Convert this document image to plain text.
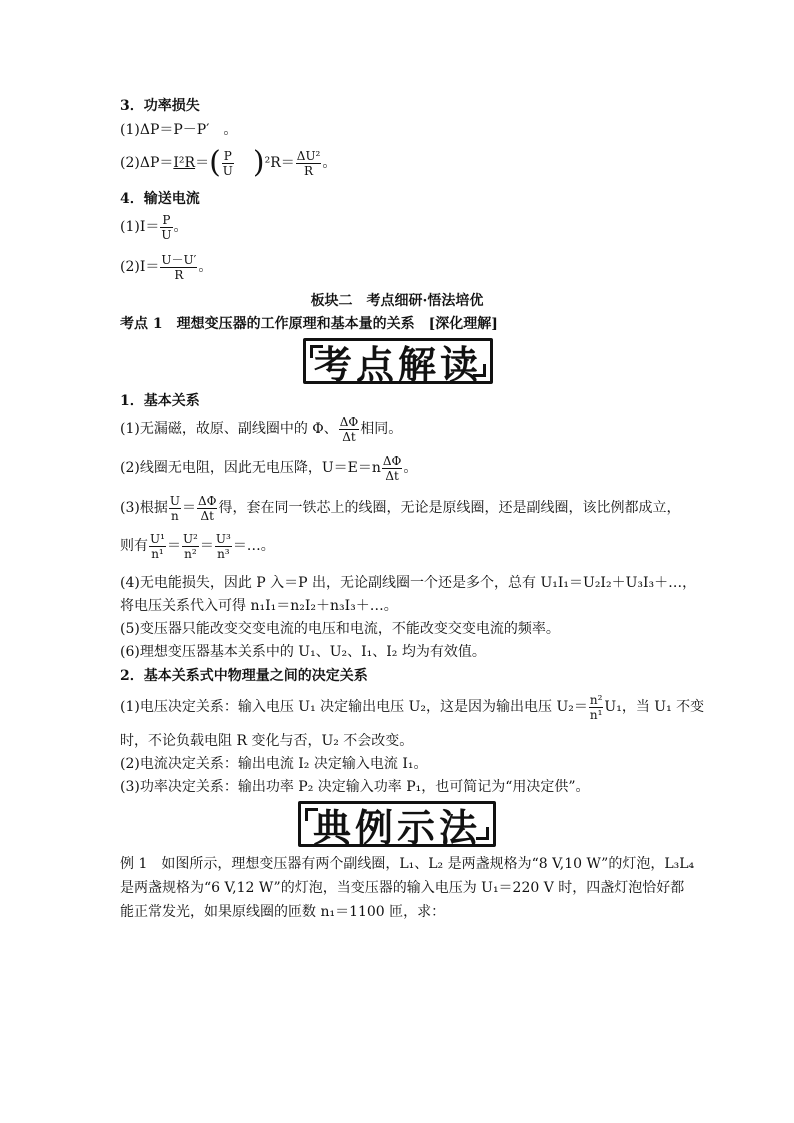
3．功率损失
(1)ΔP＝P－P′　。
$(2)\Delta P=I^2R=( \frac{P}{U} )^2R= \frac{\text{ΔU²}}{R}$ 。
4．输送电流
$(1)I= \frac{P}{U}$ 。
$(2)I= \frac{U-U'}{R}$ 。
板块二　考点细研·悟法培优
考点 1　理想变压器的工作原理和基本量的关系　[深化理解]
考点解读
1．基本关系
(1)无漏磁，故原、副线圈中的 Φ、 $\frac{\Delta\Phi}{\Delta t}$ 相同。
(2)线圈无电阻，因此无电压降，$U=E=n \frac{\Delta\Phi}{\Delta t}$ 。
(3)根据 $\frac{U}{n} = \frac{\Delta\Phi}{\Delta t}$ 得，套在同一铁芯上的线圈，无论是原线圈，还是副线圈，该比例都成立，
则有 $\frac{\text{U¹}}{\text{n¹}} = \frac{\text{U²}}{\text{n²}} = \frac{\text{U³}}{\text{n³}}$ ＝…。
(4)无电能损失，因此 P 入＝P 出，无论副线圈一个还是多个，总有 U₁I₁＝U₂I₂＋U₃I₃＋…，
将电压关系代入可得 n₁I₁＝n₂I₂＋n₃I₃＋…。
(5)变压器只能改变交变电流的电压和电流，不能改变交变电流的频率。
(6)理想变压器基本关系中的 U₁、U₂、I₁、I₂ 均为有效值。
2．基本关系式中物理量之间的决定关系
(1)电压决定关系：输入电压 U₁ 决定输出电压 U₂，这是因为输出电压 $U_2= \frac{\text{n²}}{\text{n¹}} U_1$，当 U₁ 不变
时，不论负载电阻 R 变化与否，U₂ 不会改变。
(2)电流决定关系：输出电流 I₂ 决定输入电流 I₁。
(3)功率决定关系：输出功率 P₂ 决定输入功率 P₁，也可简记为“用决定供”。
典例示法
例 1　如图所示，理想变压器有两个副线圈，L₁、L₂ 是两盏规格为“8 V,10 W”的灯泡，L₃L₄
是两盏规格为“6 V,12 W”的灯泡，当变压器的输入电压为 U₁＝220 V 时，四盏灯泡恰好都
能正常发光，如果原线圈的匝数 n₁＝1100 匝，求：
